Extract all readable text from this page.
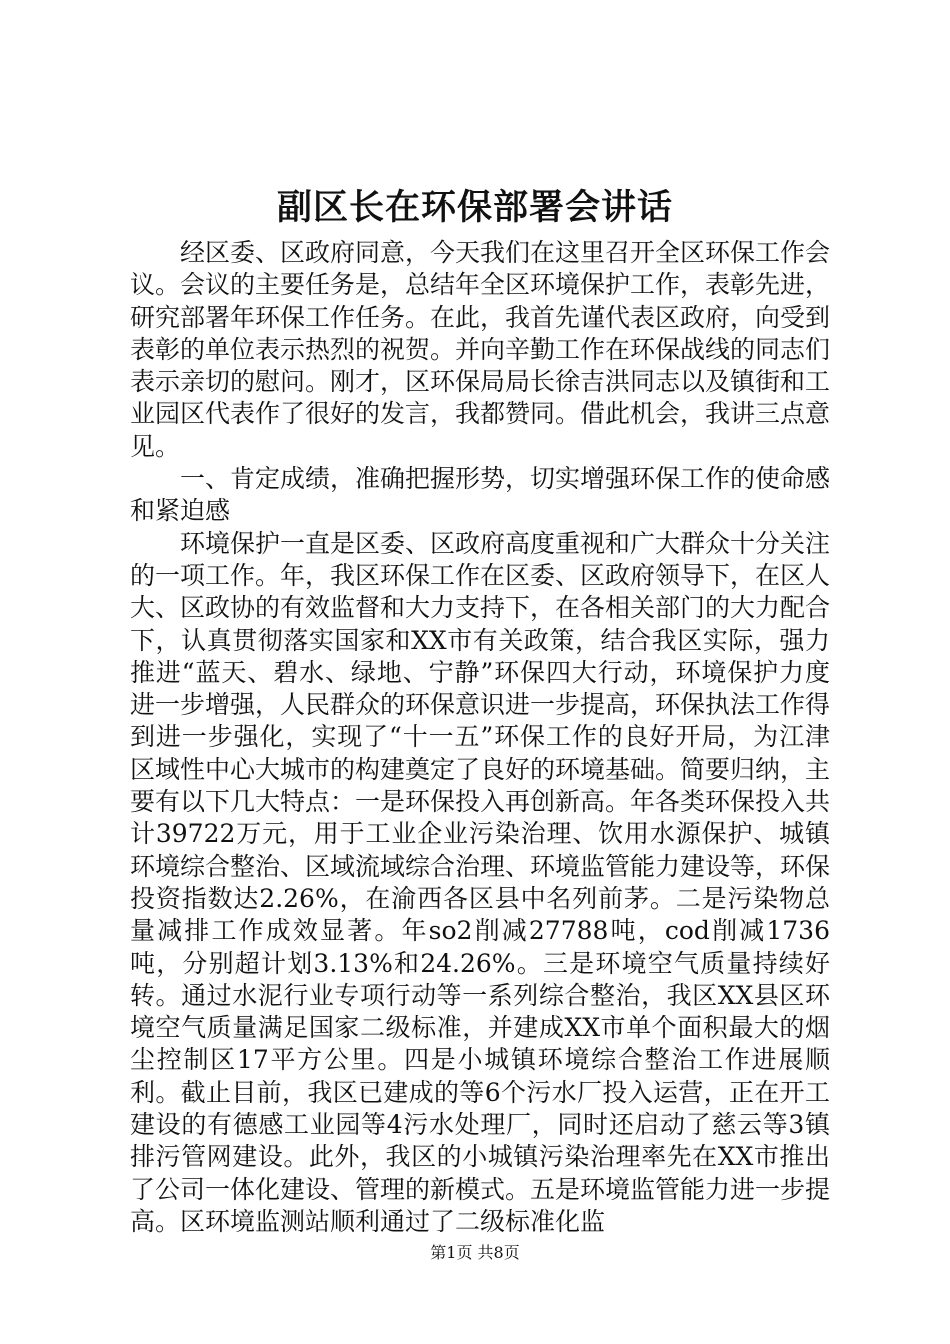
副区长在环保部署会讲话

经区委、区政府同意，今天我们在这里召开全区环保工作会议。会议的主要任务是，总结年全区环境保护工作，表彰先进，研究部署年环保工作任务。在此，我首先谨代表区政府，向受到表彰的单位表示热烈的祝贺。并向辛勤工作在环保战线的同志们表示亲切的慰问。刚才，区环保局局长徐吉洪同志以及镇街和工业园区代表作了很好的发言，我都赞同。借此机会，我讲三点意见。

一、肯定成绩，准确把握形势，切实增强环保工作的使命感和紧迫感

环境保护一直是区委、区政府高度重视和广大群众十分关注的一项工作。年，我区环保工作在区委、区政府领导下，在区人大、区政协的有效监督和大力支持下，在各相关部门的大力配合下，认真贯彻落实国家和XX市有关政策，结合我区实际，强力推进“蓝天、碧水、绿地、宁静”环保四大行动，环境保护力度进一步增强，人民群众的环保意识进一步提高，环保执法工作得到进一步强化，实现了“十一五”环保工作的良好开局，为江津区域性中心大城市的构建奠定了良好的环境基础。简要归纳，主要有以下几大特点：一是环保投入再创新高。年各类环保投入共计39722万元，用于工业企业污染治理、饮用水源保护、城镇环境综合整治、区域流域综合治理、环境监管能力建设等，环保投资指数达2.26%，在渝西各区县中名列前茅。二是污染物总量减排工作成效显著。年so2削减27788吨，cod削减1736吨，分别超计划3.13%和24.26%。三是环境空气质量持续好转。通过水泥行业专项行动等一系列综合整治，我区XX县区环境空气质量满足国家二级标准，并建成XX市单个面积最大的烟尘控制区17平方公里。四是小城镇环境综合整治工作进展顺利。截止目前，我区已建成的等6个污水厂投入运营，正在开工建设的有德感工业园等4污水处理厂，同时还启动了慈云等3镇排污管网建设。此外，我区的小城镇污染治理率先在XX市推出了公司一体化建设、管理的新模式。五是环境监管能力进一步提高。区环境监测站顺利通过了二级标准化监

第1页 共8页
